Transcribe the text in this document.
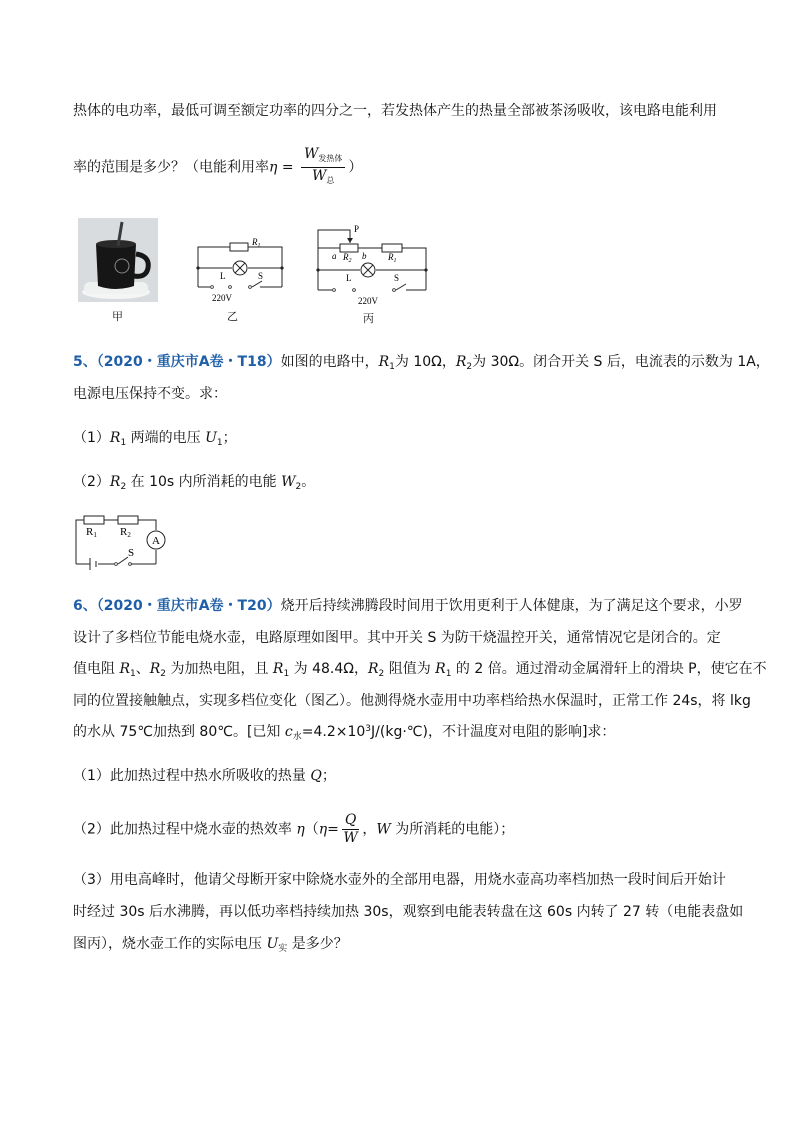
热体的电功率，最低可调至额定功率的四分之一，若发热体产生的热量全部被茶汤吸收，该电路电能利用
率的范围是多少？（电能利用率$\eta = \frac{W_{发热体}}{W_总}$ ）
甲
$R_1$
L	S
220V
乙
P
a	b
$R_2$	$R_1$
L	S
220V
丙
5、（2020・重庆市A卷・T18）如图的电路中，$R_1$为 10Ω，$R_2$为 30Ω。闭合开关 S 后，电流表的示数为 1A，
电源电压保持不变。求：
$(1)R_1$ 两端的电压 $U_1$；
$(2)R_2$ 在 10s 内所消耗的电能 $W_2$。
R1 R2 A
S
6、（2020・重庆市A卷・T20）烧开后持续沸腾段时间用于饮用更利于人体健康，为了满足这个要求，小罗
设计了多档位节能电烧水壶，电路原理如图甲。其中开关 S 为防干烧温控开关，通常情况它是闭合的。定
值电阻 $R_1$、$R_2$ 为加热电阻，且 $R_1$ 为 48.4Ω，$R_2$ 阻值为 $R_1$ 的 2 倍。通过滑动金属滑轩上的滑块 P，使它在不
同的位置接触触点，实现多档位变化（图乙）。他测得烧水壶用中功率档给热水保温时，正常工作 24s，将 lkg
的水从 75℃加热到 80℃。[已知 $c_水=4.2\times 10^3J/(kg\cdot℃)$，不计温度对电阻的影响]求：
（1）此加热过程中热水所吸收的热量 Q；
（2）此加热过程中烧水壶的热效率 $\eta(\eta= \frac{Q}{W}$ ，W 为所消耗的电能）；
（3）用电高峰时，他请父母断开家中除烧水壶外的全部用电器，用烧水壶高功率档加热一段时间后开始计
时经过 30s 后水沸腾，再以低功率档持续加热 30s，观察到电能表转盘在这 60s 内转了 27 转（电能表盘如
图丙），烧水壶工作的实际电压 $U_实$ 是多少？
